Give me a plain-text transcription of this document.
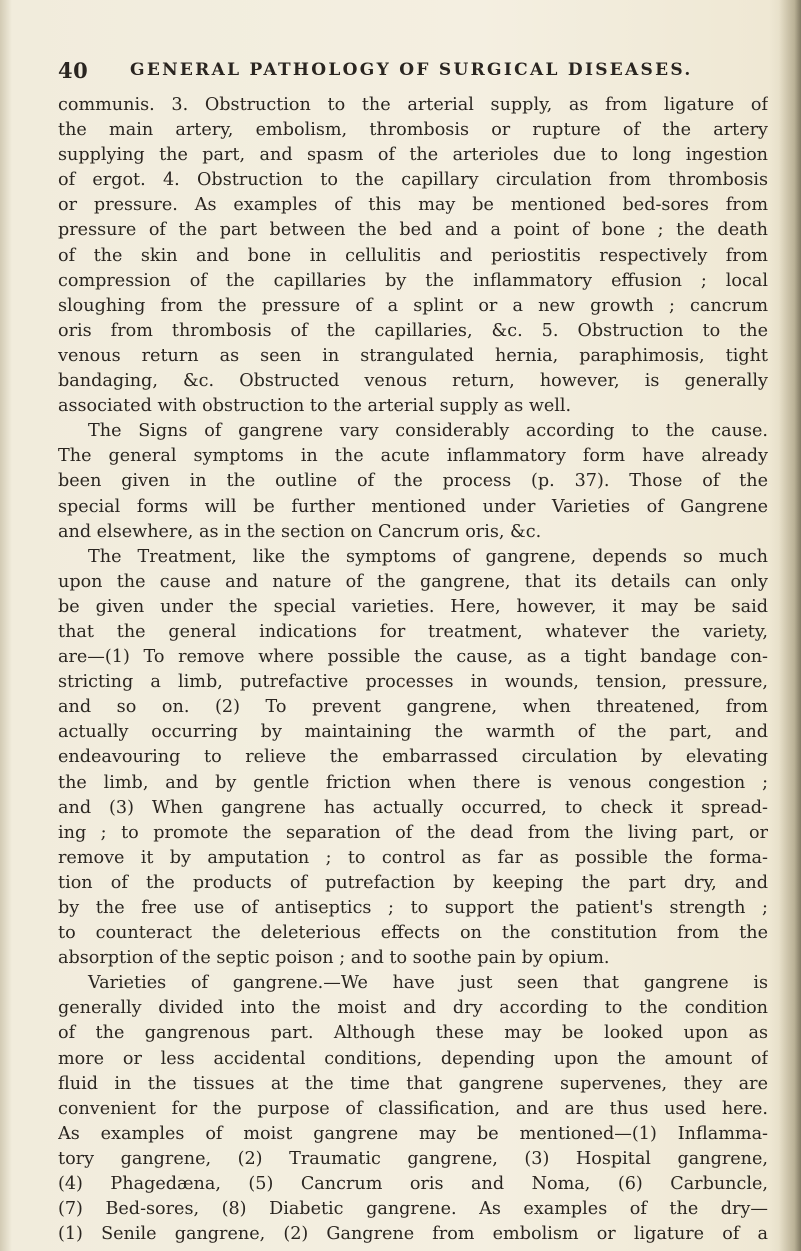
40 GENERAL PATHOLOGY OF SURGICAL DISEASES.
communis. 3. Obstruction to the arterial supply, as from ligature of
the main artery, embolism, thrombosis or rupture of the artery
supplying the part, and spasm of the arterioles due to long ingestion
of ergot. 4. Obstruction to the capillary circulation from thrombosis
or pressure. As examples of this may be mentioned bed-sores from
pressure of the part between the bed and a point of bone ; the death
of the skin and bone in cellulitis and periostitis respectively from
compression of the capillaries by the inflammatory effusion ; local
sloughing from the pressure of a splint or a new growth ; cancrum
oris from thrombosis of the capillaries, &c. 5. Obstruction to the
venous return as seen in strangulated hernia, paraphimosis, tight
bandaging, &c. Obstructed venous return, however, is generally
associated with obstruction to the arterial supply as well.
The Signs of gangrene vary considerably according to the cause.
The general symptoms in the acute inflammatory form have already
been given in the outline of the process (p. 37). Those of the
special forms will be further mentioned under Varieties of Gangrene
and elsewhere, as in the section on Cancrum oris, &c.
The Treatment, like the symptoms of gangrene, depends so much
upon the cause and nature of the gangrene, that its details can only
be given under the special varieties. Here, however, it may be said
that the general indications for treatment, whatever the variety,
are—(1) To remove where possible the cause, as a tight bandage con-
stricting a limb, putrefactive processes in wounds, tension, pressure,
and so on. (2) To prevent gangrene, when threatened, from
actually occurring by maintaining the warmth of the part, and
endeavouring to relieve the embarrassed circulation by elevating
the limb, and by gentle friction when there is venous congestion ;
and (3) When gangrene has actually occurred, to check it spread-
ing ; to promote the separation of the dead from the living part, or
remove it by amputation ; to control as far as possible the forma-
tion of the products of putrefaction by keeping the part dry, and
by the free use of antiseptics ; to support the patient's strength ;
to counteract the deleterious effects on the constitution from the
absorption of the septic poison ; and to soothe pain by opium.
Varieties of gangrene.—We have just seen that gangrene is
generally divided into the moist and dry according to the condition
of the gangrenous part. Although these may be looked upon as
more or less accidental conditions, depending upon the amount of
fluid in the tissues at the time that gangrene supervenes, they are
convenient for the purpose of classification, and are thus used here.
As examples of moist gangrene may be mentioned—(1) Inflamma-
tory gangrene, (2) Traumatic gangrene, (3) Hospital gangrene,
(4) Phagedæna, (5) Cancrum oris and Noma, (6) Carbuncle,
(7) Bed-sores, (8) Diabetic gangrene. As examples of the dry—
(1) Senile gangrene, (2) Gangrene from embolism or ligature of a
